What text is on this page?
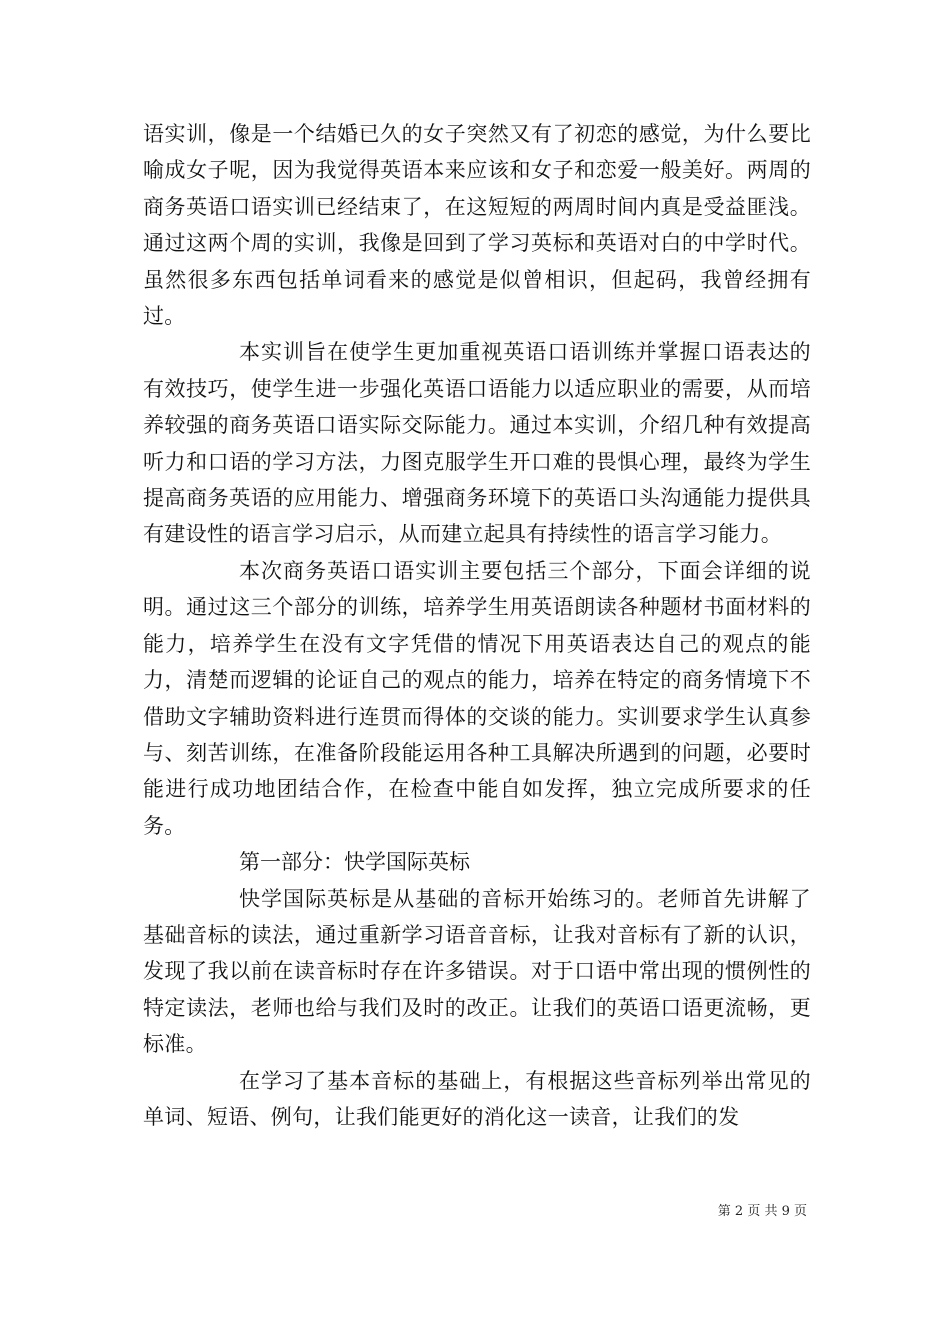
语实训，像是一个结婚已久的女子突然又有了初恋的感觉，为什么要比喻成女子呢，因为我觉得英语本来应该和女子和恋爱一般美好。两周的商务英语口语实训已经结束了，在这短短的两周时间内真是受益匪浅。通过这两个周的实训，我像是回到了学习英标和英语对白的中学时代。虽然很多东西包括单词看来的感觉是似曾相识，但起码，我曾经拥有过。

本实训旨在使学生更加重视英语口语训练并掌握口语表达的有效技巧，使学生进一步强化英语口语能力以适应职业的需要，从而培养较强的商务英语口语实际交际能力。通过本实训，介绍几种有效提高听力和口语的学习方法，力图克服学生开口难的畏惧心理，最终为学生提高商务英语的应用能力、增强商务环境下的英语口头沟通能力提供具有建设性的语言学习启示，从而建立起具有持续性的语言学习能力。

本次商务英语口语实训主要包括三个部分，下面会详细的说明。通过这三个部分的训练，培养学生用英语朗读各种题材书面材料的能力，培养学生在没有文字凭借的情况下用英语表达自己的观点的能力，清楚而逻辑的论证自己的观点的能力，培养在特定的商务情境下不借助文字辅助资料进行连贯而得体的交谈的能力。实训要求学生认真参与、刻苦训练，在准备阶段能运用各种工具解决所遇到的问题，必要时能进行成功地团结合作，在检查中能自如发挥，独立完成所要求的任务。

第一部分：快学国际英标

快学国际英标是从基础的音标开始练习的。老师首先讲解了基础音标的读法，通过重新学习语音音标，让我对音标有了新的认识，发现了我以前在读音标时存在许多错误。对于口语中常出现的惯例性的特定读法，老师也给与我们及时的改正。让我们的英语口语更流畅，更标准。

在学习了基本音标的基础上，有根据这些音标列举出常见的单词、短语、例句，让我们能更好的消化这一读音，让我们的发

第 2 页 共 9 页
